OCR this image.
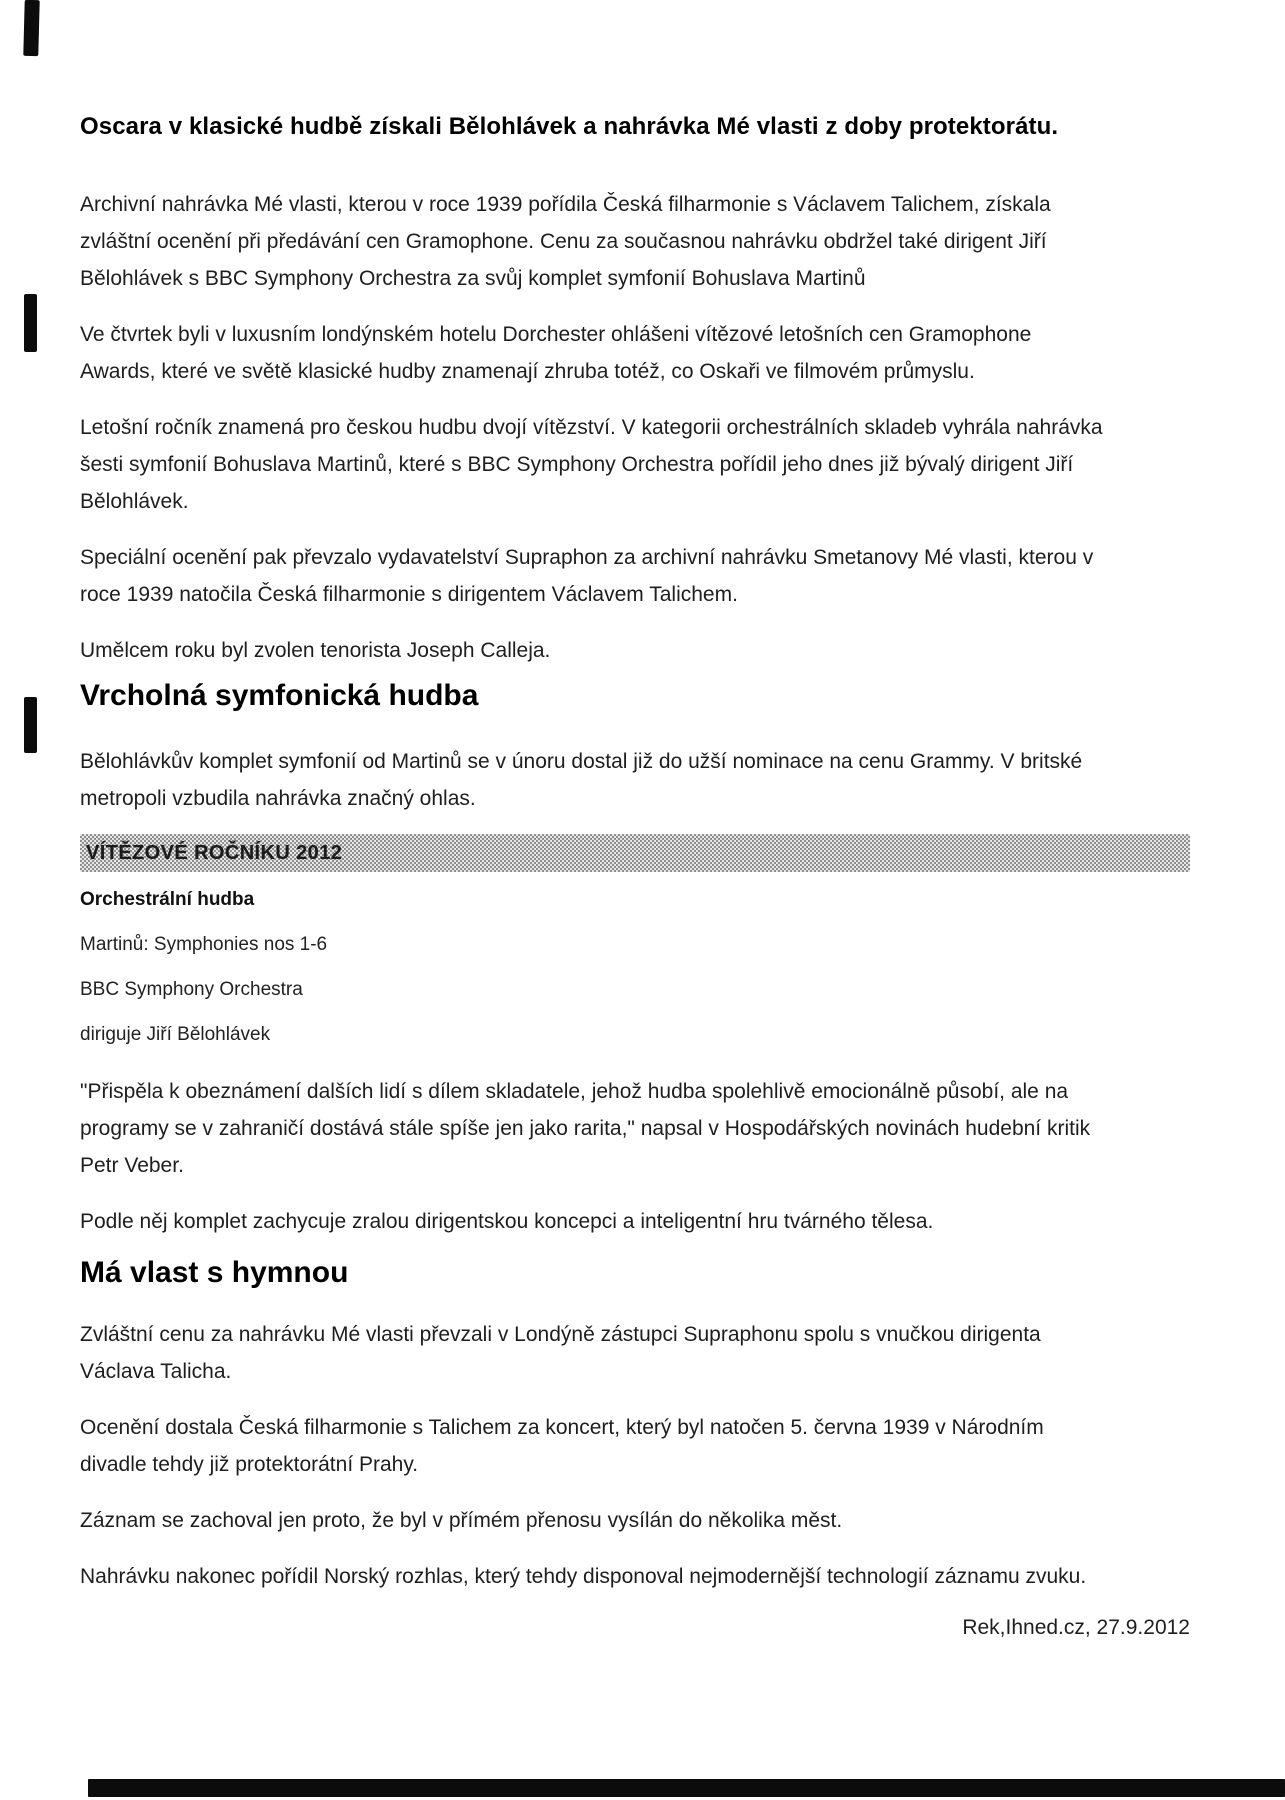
Oscara v klasické hudbě získali Bělohlávek a nahrávka Mé vlasti z doby protektorátu.

Archivní nahrávka Mé vlasti, kterou v roce 1939 pořídila Česká filharmonie s Václavem Talichem, získala zvláštní ocenění při předávání cen Gramophone. Cenu za současnou nahrávku obdržel také dirigent Jiří Bělohlávek s BBC Symphony Orchestra za svůj komplet symfonií Bohuslava Martinů

Ve čtvrtek byli v luxusním londýnském hotelu Dorchester ohlášeni vítězové letošních cen Gramophone Awards, které ve světě klasické hudby znamenají zhruba totéž, co Oskaři ve filmovém průmyslu.

Letošní ročník znamená pro českou hudbu dvojí vítězství. V kategorii orchestrálních skladeb vyhrála nahrávka šesti symfonií Bohuslava Martinů, které s BBC Symphony Orchestra pořídil jeho dnes již bývalý dirigent Jiří Bělohlávek.

Speciální ocenění pak převzalo vydavatelství Supraphon za archivní nahrávku Smetanovy Mé vlasti, kterou v roce 1939 natočila Česká filharmonie s dirigentem Václavem Talichem.

Umělcem roku byl zvolen tenorista Joseph Calleja.

Vrcholná symfonická hudba

Bělohlávkův komplet symfonií od Martinů se v únoru dostal již do užší nominace na cenu Grammy. V britské metropoli vzbudila nahrávka značný ohlas.

VÍTĚZOVÉ ROČNÍKU 2012

Orchestrální hudba

Martinů: Symphonies nos 1-6

BBC Symphony Orchestra

diriguje Jiří Bělohlávek

"Přispěla k obeznámení dalších lidí s dílem skladatele, jehož hudba spolehlivě emocionálně působí, ale na programy se v zahraničí dostává stále spíše jen jako rarita," napsal v Hospodářských novinách hudební kritik Petr Veber.

Podle něj komplet zachycuje zralou dirigentskou koncepci a inteligentní hru tvárného tělesa.

Má vlast s hymnou

Zvláštní cenu za nahrávku Mé vlasti převzali v Londýně zástupci Supraphonu spolu s vnučkou dirigenta Václava Talicha.

Ocenění dostala Česká filharmonie s Talichem za koncert, který byl natočen 5. června 1939 v Národním divadle tehdy již protektorátní Prahy.

Záznam se zachoval jen proto, že byl v přímém přenosu vysílán do několika měst.

Nahrávku nakonec pořídil Norský rozhlas, který tehdy disponoval nejmodernější technologií záznamu zvuku.

Rek,Ihned.cz, 27.9.2012
